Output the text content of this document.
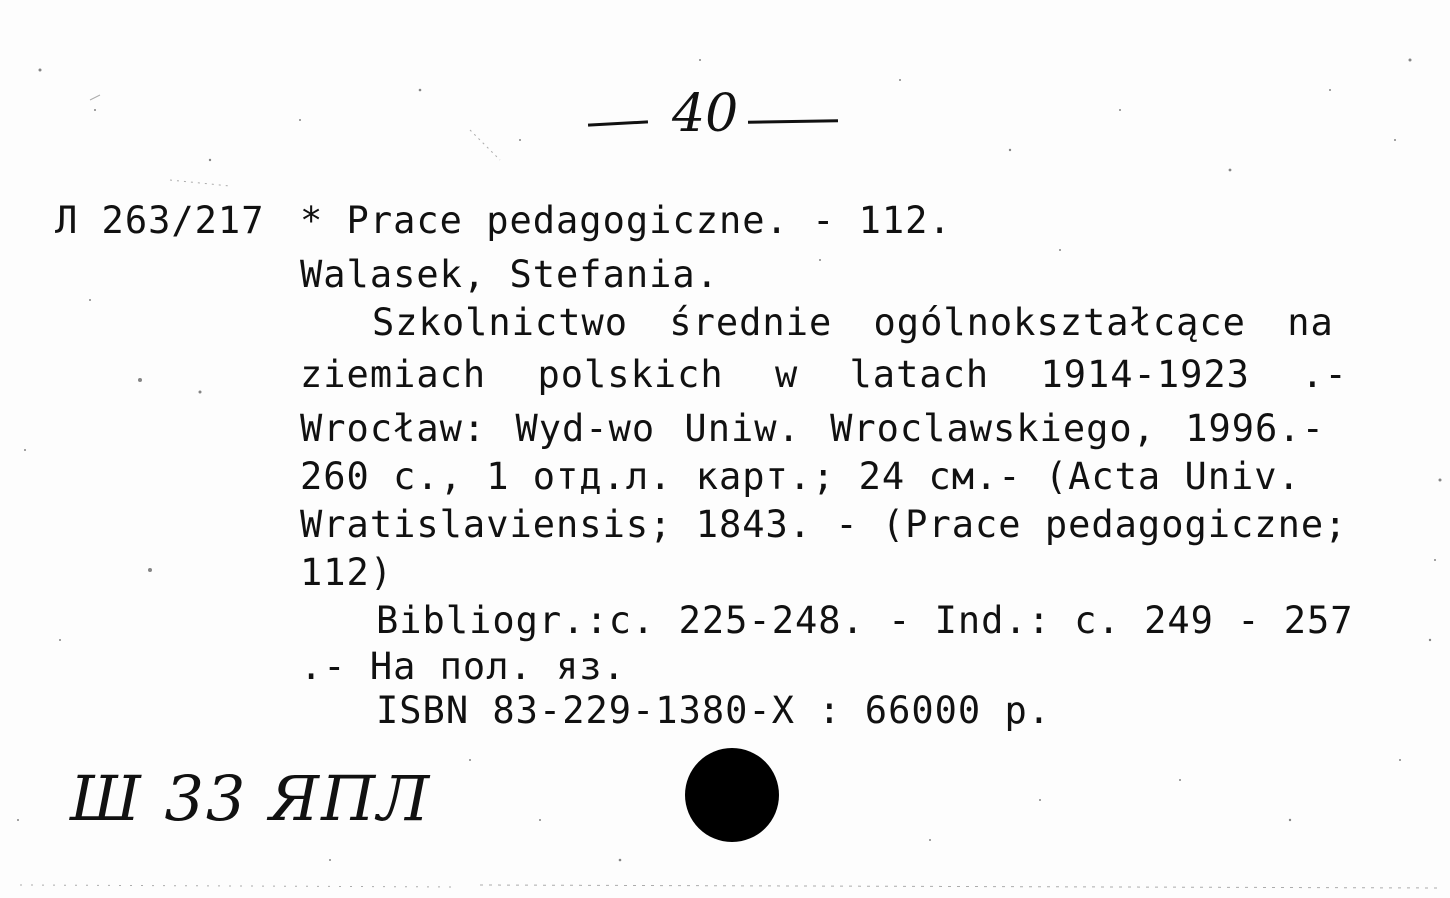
40
Л 263/217 * Prace pedagogiczne. - 112.
Walasek, Stefania.
Szkolnictwo średnie ogólnokształcące na
ziemiach polskich w latach 1914-1923 .-
Wrocław: Wyd-wo Uniw. Wroclawskiego, 1996.-
260 с., 1 отд.л. карт.; 24 см.- (Acta Univ.
Wratislaviensis; 1843. - (Prace pedagogiczne;
112)
Bibliogr.:c. 225-248. - Ind.: c. 249 - 257
.- На пол. яз.
ISBN 83-229-1380-X : 66000 р.
Ш 33 ЯПЛ
